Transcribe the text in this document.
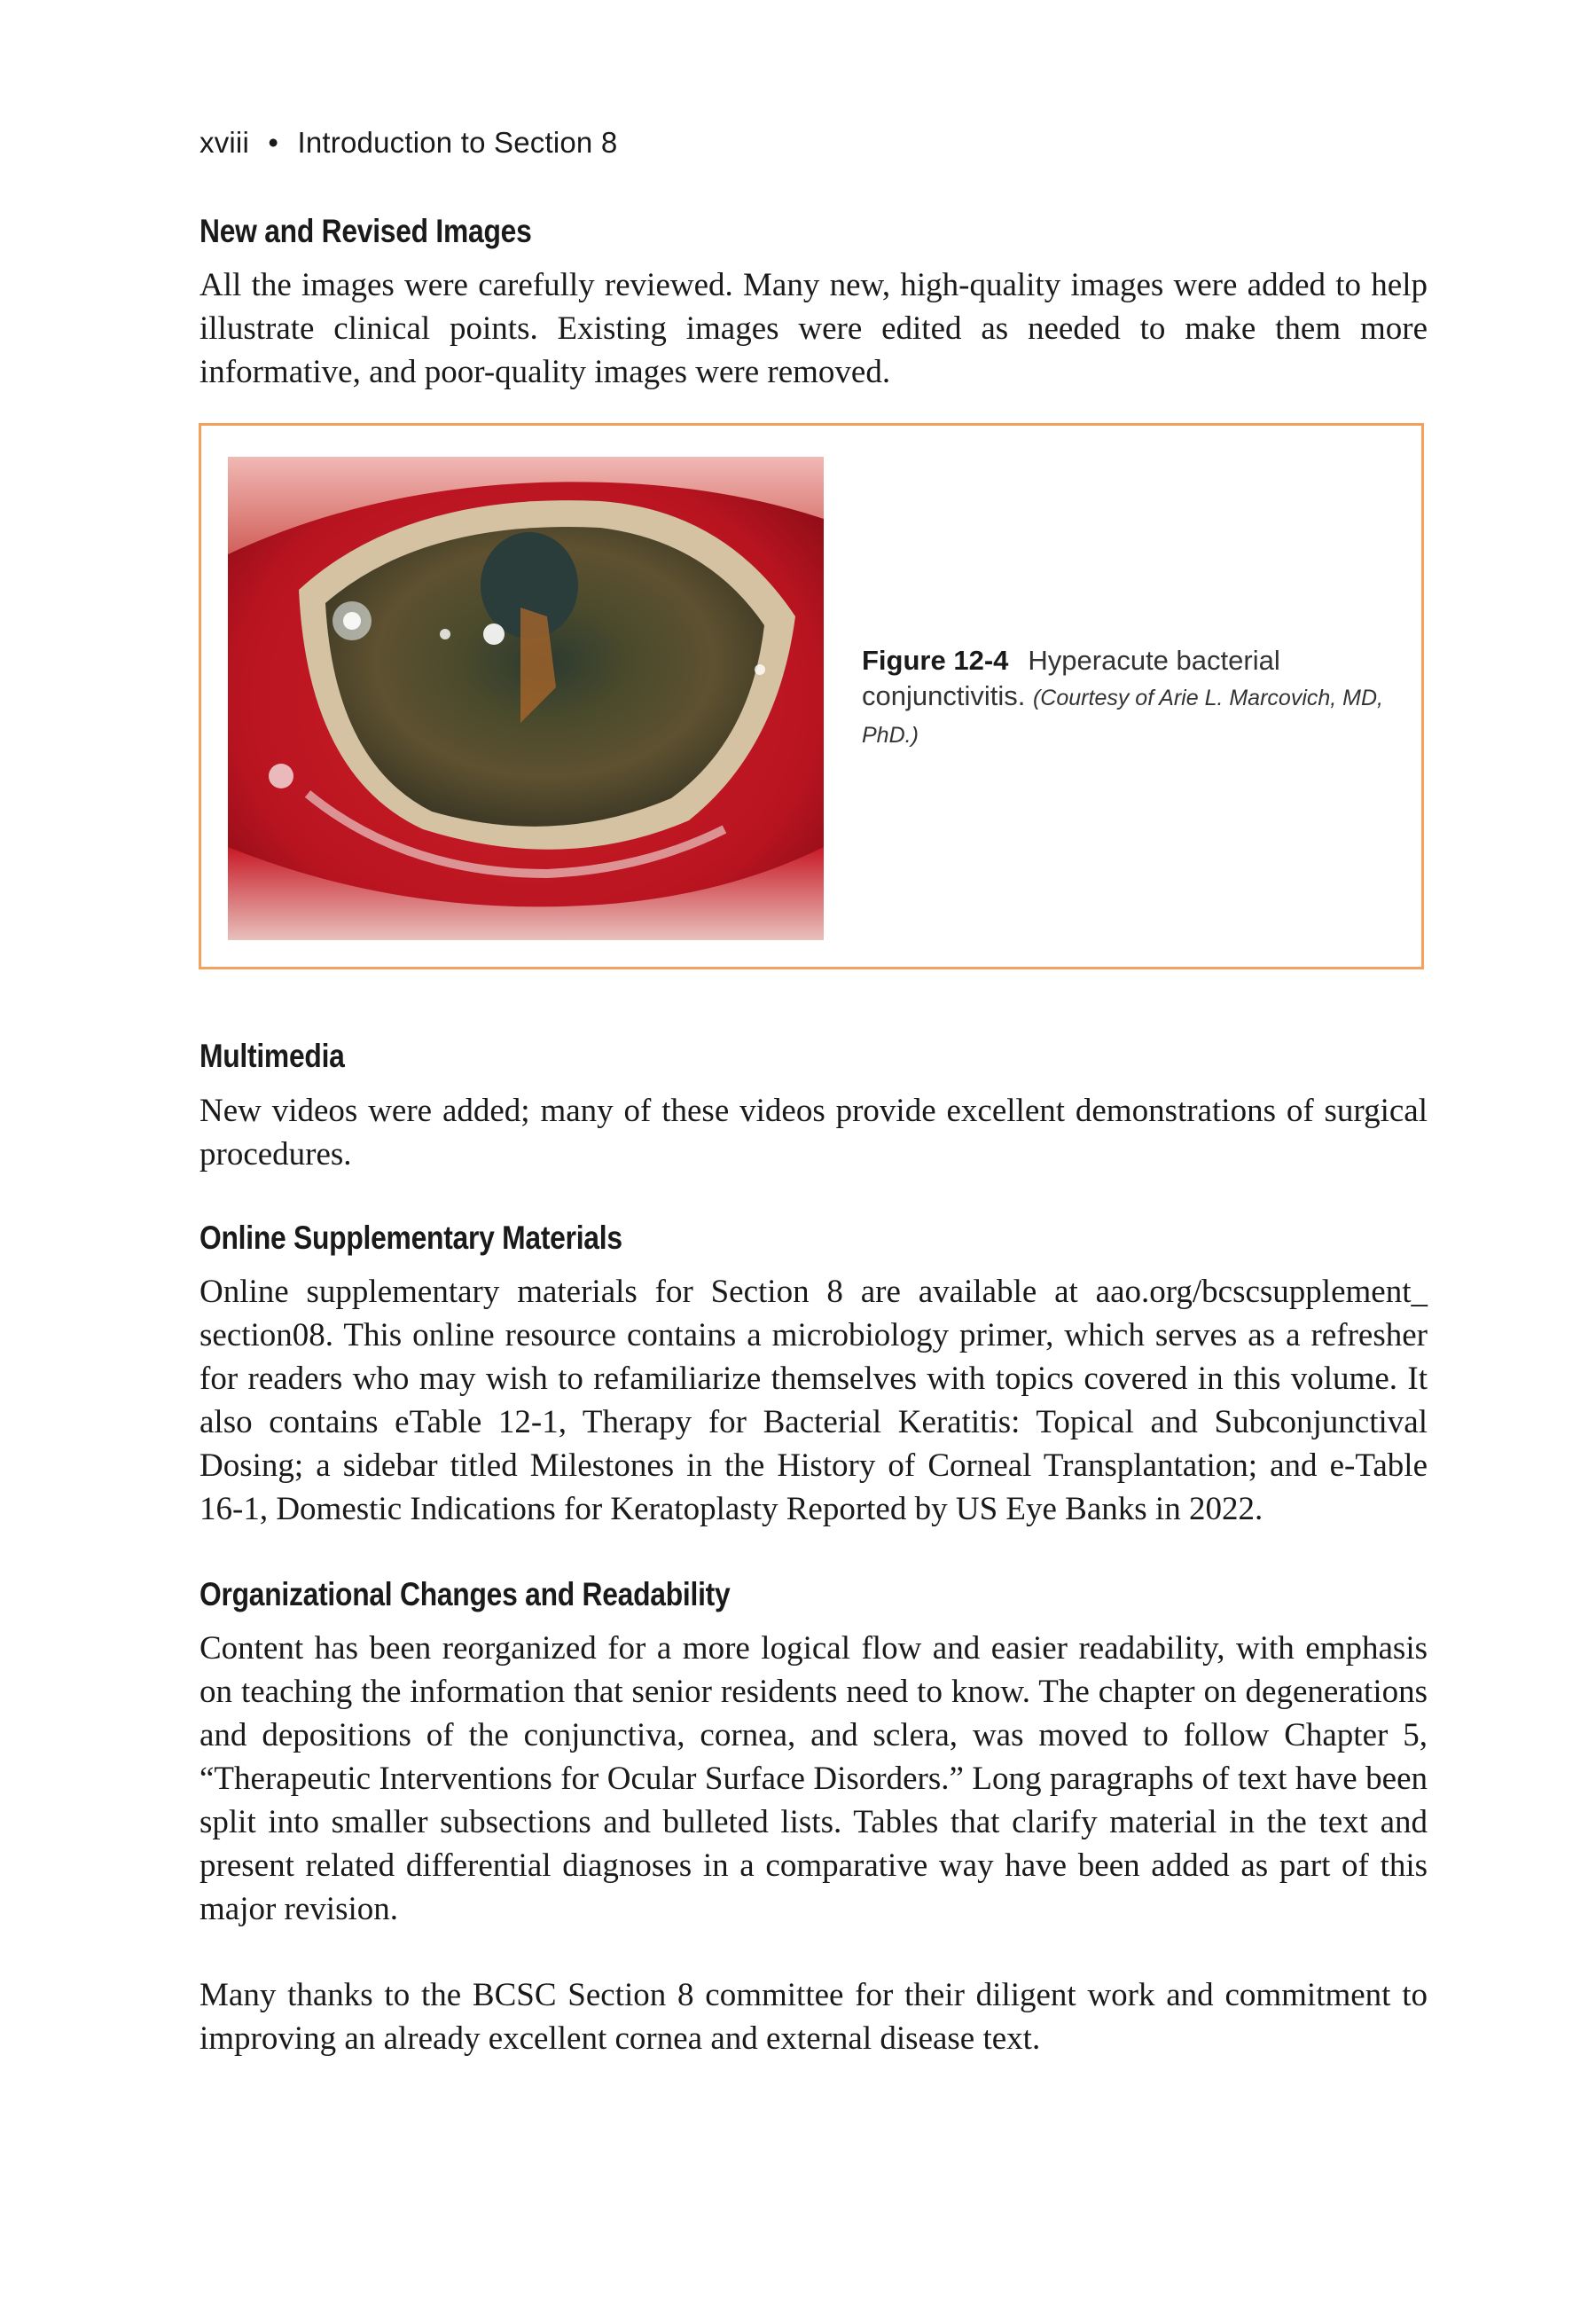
xviii • Introduction to Section 8
New and Revised Images

All the images were carefully reviewed. Many new, high-quality images were added to help illustrate clinical points. Existing images were edited as needed to make them more informative, and poor-quality images were removed.

Figure 12-4 Hyperacute bacterial conjunctivitis. (Courtesy of Arie L. Marcovich, MD, PhD.)
Multimedia

New videos were added; many of these videos provide excellent demonstrations of surgical procedures.

Online Supplementary Materials

Online supplementary materials for Section 8 are available at aao.org/bcscsupplement_ section08. This online resource contains a microbiology primer, which serves as a refresher for readers who may wish to refamiliarize themselves with topics covered in this volume. It also contains eTable 12-1, Therapy for Bacterial Keratitis: Topical and Subconjunctival Dosing; a sidebar titled Milestones in the History of Corneal Transplantation; and e-Table 16-1, Domestic Indications for Keratoplasty Reported by US Eye Banks in 2022.

Organizational Changes and Readability

Content has been reorganized for a more logical flow and easier readability, with emphasis on teaching the information that senior residents need to know. The chapter on degenerations and depositions of the conjunctiva, cornea, and sclera, was moved to follow Chapter 5, “Therapeutic Interventions for Ocular Surface Disorders.” Long paragraphs of text have been split into smaller subsections and bulleted lists. Tables that clarify material in the text and present related differential diagnoses in a comparative way have been added as part of this major revision.

Many thanks to the BCSC Section 8 committee for their diligent work and commitment to improving an already excellent cornea and external disease text.
